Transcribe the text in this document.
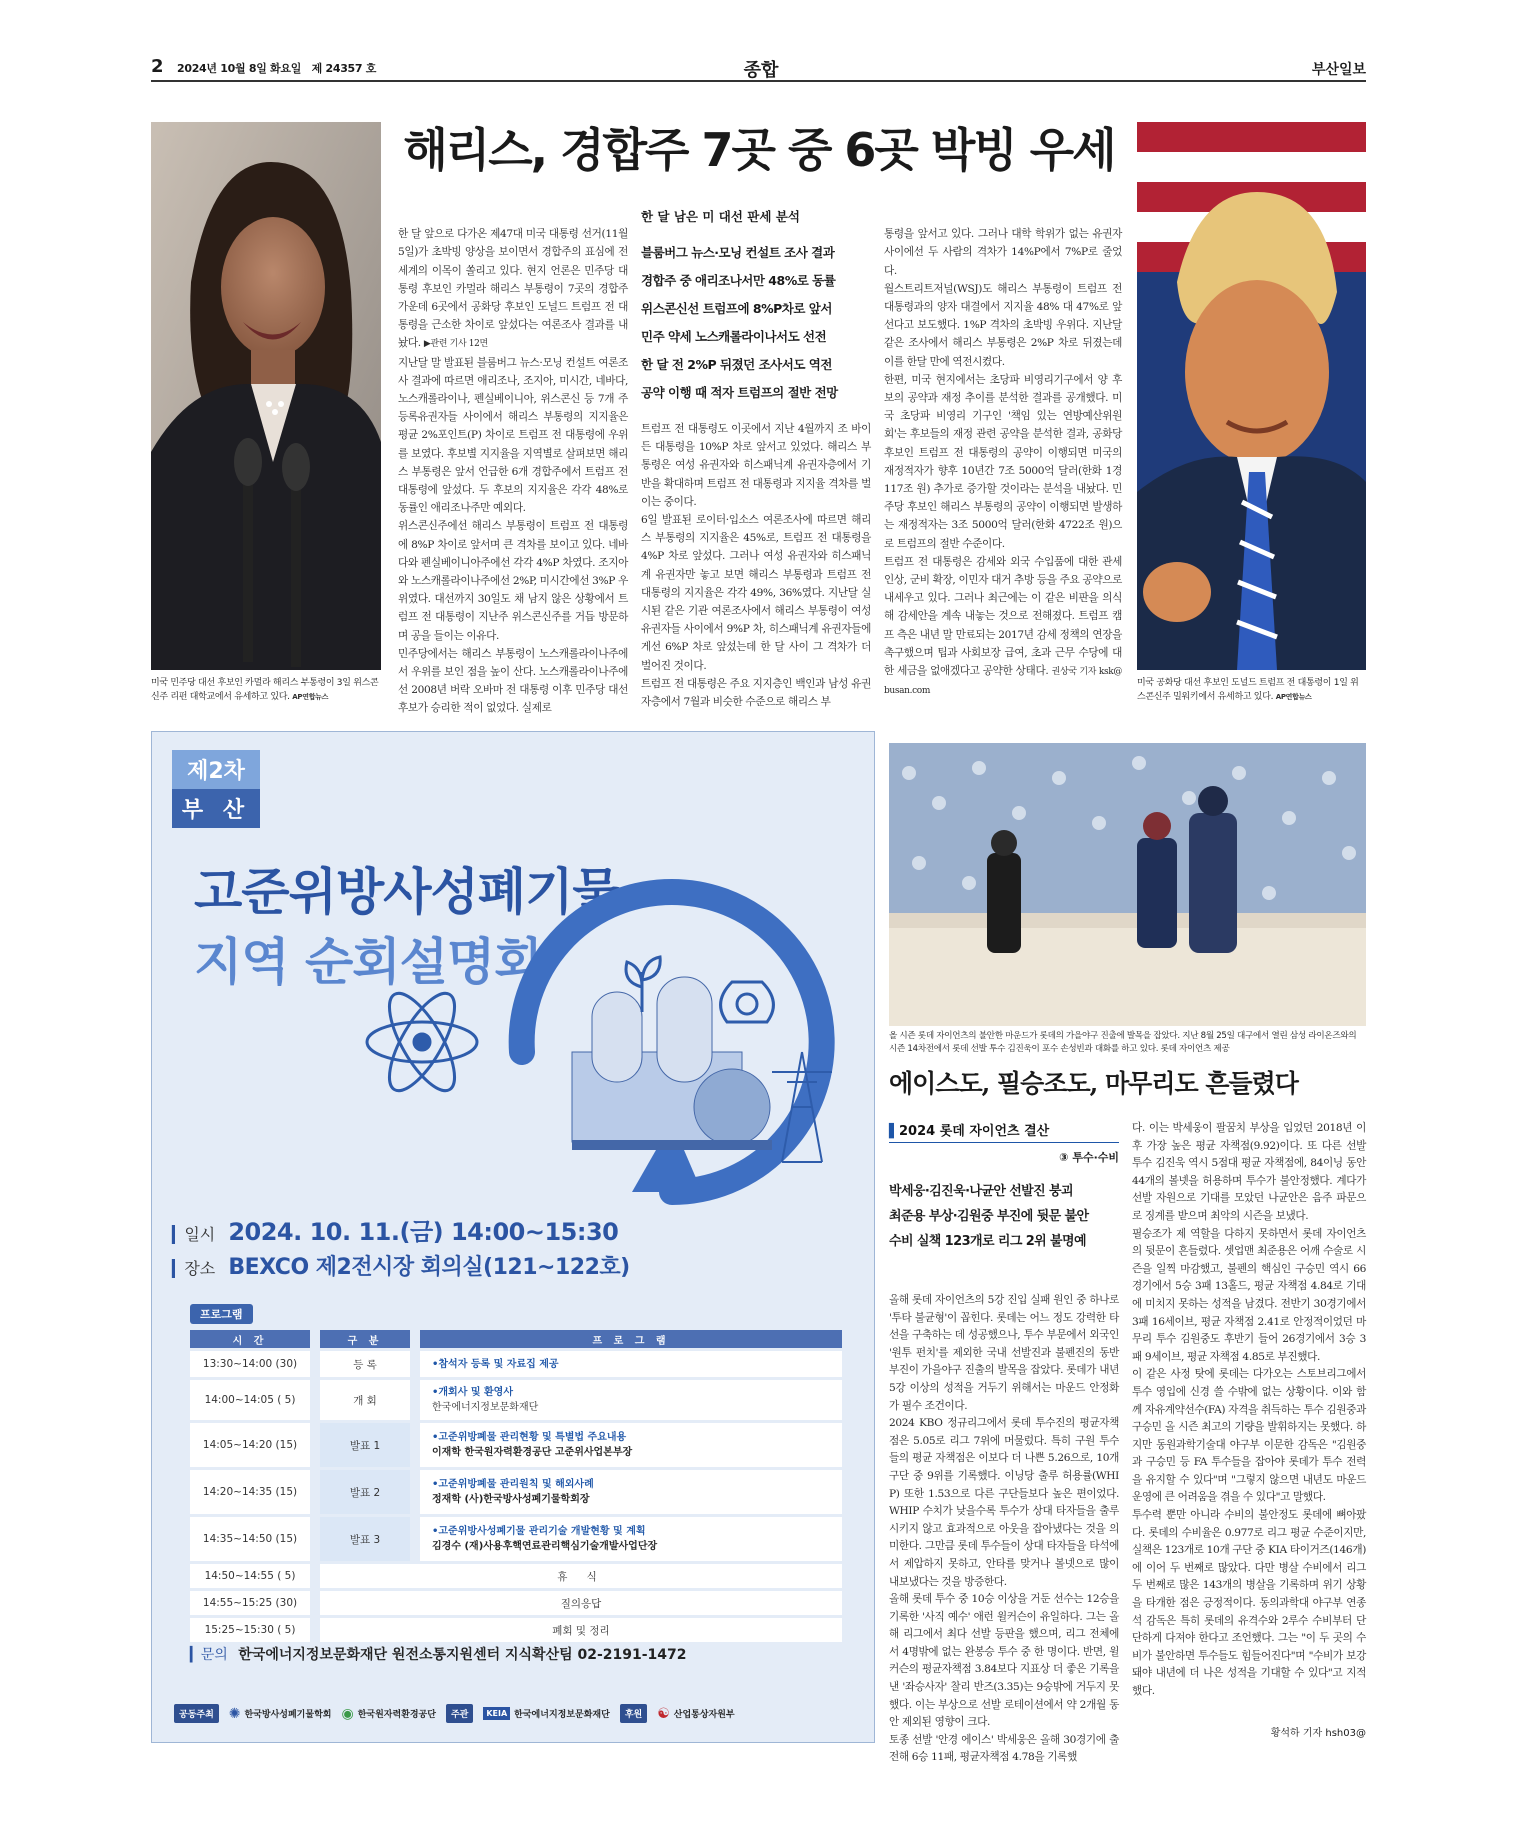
2 2024년 10월 8일 화요일 제 24357 호	종합	부산일보
미국 민주당 대선 후보인 카멀라 해리스 부통령이 3일 위스콘신주 리펀 대학교에서 유세하고 있다. AP연합뉴스
미국 공화당 대선 후보인 도널드 트럼프 전 대통령이 1일 위스콘신주 밀워키에서 유세하고 있다. AP연합뉴스
해리스, 경합주 7곳 중 6곳 박빙 우세

한 달 앞으로 다가온 제47대 미국 대통령 선거(11월 5일)가 초박빙 양상을 보이면서 경합주의 표심에 전 세계의 이목이 쏠리고 있다. 현지 언론은 민주당 대통령 후보인 카멀라 해리스 부통령이 7곳의 경합주 가운데 6곳에서 공화당 후보인 도널드 트럼프 전 대통령을 근소한 차이로 앞섰다는 여론조사 결과를 내놨다. ▶관련 기사 12면
지난달 말 발표된 블룸버그 뉴스·모닝 컨설트 여론조사 결과에 따르면 애리조나, 조지아, 미시간, 네바다, 노스캐롤라이나, 펜실베이니아, 위스콘신 등 7개 주 등록유권자들 사이에서 해리스 부통령의 지지율은 평균 2%포인트(P) 차이로 트럼프 전 대통령에 우위를 보였다. 후보별 지지율을 지역별로 살펴보면 해리스 부통령은 앞서 언급한 6개 경합주에서 트럼프 전 대통령에 앞섰다. 두 후보의 지지율은 각각 48%로 동률인 애리조나주만 예외다.
위스콘신주에선 해리스 부통령이 트럼프 전 대통령에 8%P 차이로 앞서며 큰 격차를 보이고 있다. 네바다와 펜실베이니아주에선 각각 4%P 차였다. 조지아와 노스캐롤라이나주에선 2%P, 미시간에선 3%P 우위였다. 대선까지 30일도 채 남지 않은 상황에서 트럼프 전 대통령이 지난주 위스콘신주를 거듭 방문하며 공을 들이는 이유다.
민주당에서는 해리스 부통령이 노스캐롤라이나주에서 우위를 보인 점을 높이 산다. 노스캐롤라이나주에선 2008년 버락 오바마 전 대통령 이후 민주당 대선 후보가 승리한 적이 없었다. 실제로

한 달 남은 미 대선 판세 분석
블룸버그 뉴스·모닝 컨설트 조사 결과
경합주 중 애리조나서만 48%로 동률
위스콘신선 트럼프에 8%P차로 앞서
민주 약세 노스캐롤라이나서도 선전
한 달 전 2%P 뒤졌던 조사서도 역전
공약 이행 때 적자 트럼프의 절반 전망
트럼프 전 대통령도 이곳에서 지난 4월까지 조 바이든 대통령을 10%P 차로 앞서고 있었다. 해리스 부통령은 여성 유권자와 히스패닉계 유권자층에서 기반을 확대하며 트럼프 전 대통령과 지지율 격차를 벌이는 중이다.
6일 발표된 로이터·입소스 여론조사에 따르면 해리스 부통령의 지지율은 45%로, 트럼프 전 대통령을 4%P 차로 앞섰다. 그러나 여성 유권자와 히스패닉계 유권자만 놓고 보면 해리스 부통령과 트럼프 전 대통령의 지지율은 각각 49%, 36%였다. 지난달 실시된 같은 기관 여론조사에서 해리스 부통령이 여성 유권자들 사이에서 9%P 차, 히스패닉계 유권자들에게선 6%P 차로 앞섰는데 한 달 사이 그 격차가 더 벌어진 것이다.
트럼프 전 대통령은 주요 지지층인 백인과 남성 유권자층에서 7월과 비슷한 수준으로 해리스 부

통령을 앞서고 있다. 그러나 대학 학위가 없는 유권자 사이에선 두 사람의 격차가 14%P에서 7%P로 줄었다.
월스트리트저널(WSJ)도 해리스 부통령이 트럼프 전 대통령과의 양자 대결에서 지지율 48% 대 47%로 앞선다고 보도했다. 1%P 격차의 초박빙 우위다. 지난달 같은 조사에서 해리스 부통령은 2%P 차로 뒤졌는데 이를 한달 만에 역전시켰다.
한편, 미국 현지에서는 초당파 비영리기구에서 양 후보의 공약과 재정 추이를 분석한 결과를 공개했다. 미국 초당파 비영리 기구인 '책임 있는 연방예산위원회'는 후보들의 재정 관련 공약을 분석한 결과, 공화당 후보인 트럼프 전 대통령의 공약이 이행되면 미국의 재정적자가 향후 10년간 7조 5000억 달러(한화 1경 117조 원) 추가로 증가할 것이라는 분석을 내놨다. 민주당 후보인 해리스 부통령의 공약이 이행되면 발생하는 재정적자는 3조 5000억 달러(한화 4722조 원)으로 트럼프의 절반 수준이다.
트럼프 전 대통령은 감세와 외국 수입품에 대한 관세 인상, 군비 확장, 이민자 대거 추방 등을 주요 공약으로 내세우고 있다. 그러나 최근에는 이 같은 비판을 의식해 감세안을 계속 내놓는 것으로 전해졌다. 트럼프 캠프 측은 내년 말 만료되는 2017년 감세 정책의 연장을 촉구했으며 팁과 사회보장 급여, 초과 근무 수당에 대한 세금을 없애겠다고 공약한 상태다. 권상국 기자 ksk@busan.com

제2차
부 산
고준위방사성폐기물
지역 순회설명회
▎일시 2024. 10. 11.(금) 14:00~15:30
▎장소 BEXCO 제2전시장 회의실(121~122호)
프로그램
시 간	구 분	프 로 그 램
13:30~14:00 (30)	등 록	•참석자 등록 및 자료집 제공
14:00~14:05 ( 5)	개 회	•개회사 및 환영사
한국에너지정보문화재단
14:05~14:20 (15)	발표 1	•고준위방폐물 관리현황 및 특별법 주요내용
이재학 한국원자력환경공단 고준위사업본부장
14:20~14:35 (15)	발표 2	•고준위방폐물 관리원칙 및 해외사례
정재학 (사)한국방사성폐기물학회장
14:35~14:50 (15)	발표 3	•고준위방사성폐기물 관리기술 개발현황 및 계획
김경수 (재)사용후핵연료관리핵심기술개발사업단장
14:50~14:55 ( 5)	휴 식	
14:55~15:25 (30)	질의응답	
15:25~15:30 ( 5)	폐회 및 정리	
▎문의 한국에너지정보문화재단 원전소통지원센터 지식확산팀 02-2191-1472
공동주최	✺ 한국방사성폐기물학회 ◉ 한국원자력환경공단	주관	KEIA 한국에너지정보문화재단	후원	☯ 산업통상자원부
올 시즌 롯데 자이언츠의 불안한 마운드가 롯데의 가을야구 진출에 발목을 잡았다. 지난 8월 25일 대구에서 열린 삼성 라이온즈와의 시즌 14차전에서 롯데 선발 투수 김진욱이 포수 손성빈과 대화를 하고 있다. 롯데 자이언츠 제공
에이스도, 필승조도, 마무리도 흔들렸다
▌2024 롯데 자이언츠 결산
③ 투수·수비
박세웅·김진욱·나균안 선발진 붕괴
최준용 부상·김원중 부진에 뒷문 불안
수비 실책 123개로 리그 2위 불명예
올해 롯데 자이언츠의 5강 진입 실패 원인 중 하나로 '투타 불균형'이 꼽힌다. 롯데는 어느 정도 강력한 타선을 구축하는 데 성공했으나, 투수 부문에서 외국인 '원투 펀치'를 제외한 국내 선발진과 불펜진의 동반 부진이 가을야구 진출의 발목을 잡았다. 롯데가 내년 5강 이상의 성적을 거두기 위해서는 마운드 안정화가 필수 조건이다.
2024 KBO 정규리그에서 롯데 투수진의 평균자책점은 5.05로 리그 7위에 머물렀다. 특히 구원 투수들의 평균 자책점은 이보다 더 나쁜 5.26으로, 10개 구단 중 9위를 기록했다. 이닝당 출루 허용률(WHIP) 또한 1.53으로 다른 구단들보다 높은 편이었다. WHIP 수치가 낮을수록 투수가 상대 타자들을 출루시키지 않고 효과적으로 아웃을 잡아냈다는 것을 의미한다. 그만큼 롯데 투수들이 상대 타자들을 타석에서 제압하지 못하고, 안타를 맞거나 볼넷으로 많이 내보냈다는 것을 방증한다.
올해 롯데 투수 중 10승 이상을 거둔 선수는 12승을 기록한 '사직 예수' 애런 윌커슨이 유일하다. 그는 올해 리그에서 최다 선발 등판을 했으며, 리그 전체에서 4명밖에 없는 완봉승 투수 중 한 명이다. 반면, 윌커슨의 평균자책점 3.84보다 지표상 더 좋은 기록을 낸 '좌승사자' 찰리 반즈(3.35)는 9승밖에 거두지 못했다. 이는 부상으로 선발 로테이션에서 약 2개월 동안 제외된 영향이 크다.
토종 선발 '안경 에이스' 박세웅은 올해 30경기에 출전해 6승 11패, 평균자책점 4.78을 기록했
다. 이는 박세웅이 팔꿈치 부상을 입었던 2018년 이후 가장 높은 평균 자책점(9.92)이다. 또 다른 선발 투수 김진욱 역시 5점대 평균 자책점에, 84이닝 동안 44개의 볼넷을 허용하며 투수가 불안정했다. 계다가 선발 자원으로 기대를 모았던 나균안은 음주 파문으로 징계를 받으며 최악의 시즌을 보냈다.
필승조가 제 역할을 다하지 못하면서 롯데 자이언츠의 뒷문이 흔들렸다. 셋업맨 최준용은 어깨 수술로 시즌을 일찍 마감했고, 불펜의 핵심인 구승민 역시 66경기에서 5승 3패 13홀드, 평균 자책점 4.84로 기대에 미치지 못하는 성적을 남겼다. 전반기 30경기에서 3패 16세이브, 평균 자책점 2.41로 안정적이었던 마무리 투수 김원중도 후반기 들어 26경기에서 3승 3패 9세이브, 평균 자책점 4.85로 부진했다.
이 같은 사정 탓에 롯데는 다가오는 스토브리그에서 투수 영입에 신경 쓸 수밖에 없는 상황이다. 이와 함께 자유계약선수(FA) 자격을 취득하는 투수 김원중과 구승민 올 시즌 최고의 기량을 발휘하지는 못했다. 하지만 동원과학기술대 야구부 이문한 감독은 "김원중과 구승민 등 FA 투수들을 잡아야 롯데가 투수 전력을 유지할 수 있다"며 "그렇지 않으면 내년도 마운드 운영에 큰 어려움을 겪을 수 있다"고 말했다.
투수력 뿐만 아니라 수비의 불안정도 롯데에 뼈아팠다. 롯데의 수비율은 0.977로 리그 평균 수준이지만, 실책은 123개로 10개 구단 중 KIA 타이거즈(146개)에 이어 두 번째로 많았다. 다만 병살 수비에서 리그 두 번째로 많은 143개의 병살을 기록하며 위기 상황을 타개한 점은 긍정적이다. 동의과학대 야구부 연종석 감독은 특히 롯데의 유격수와 2루수 수비부터 단단하게 다져야 한다고 조언했다. 그는 "이 두 곳의 수비가 불안하면 투수들도 힘들어진다"며 "수비가 보강돼야 내년에 더 나은 성적을 기대할 수 있다"고 지적했다.
황석하 기자 hsh03@
